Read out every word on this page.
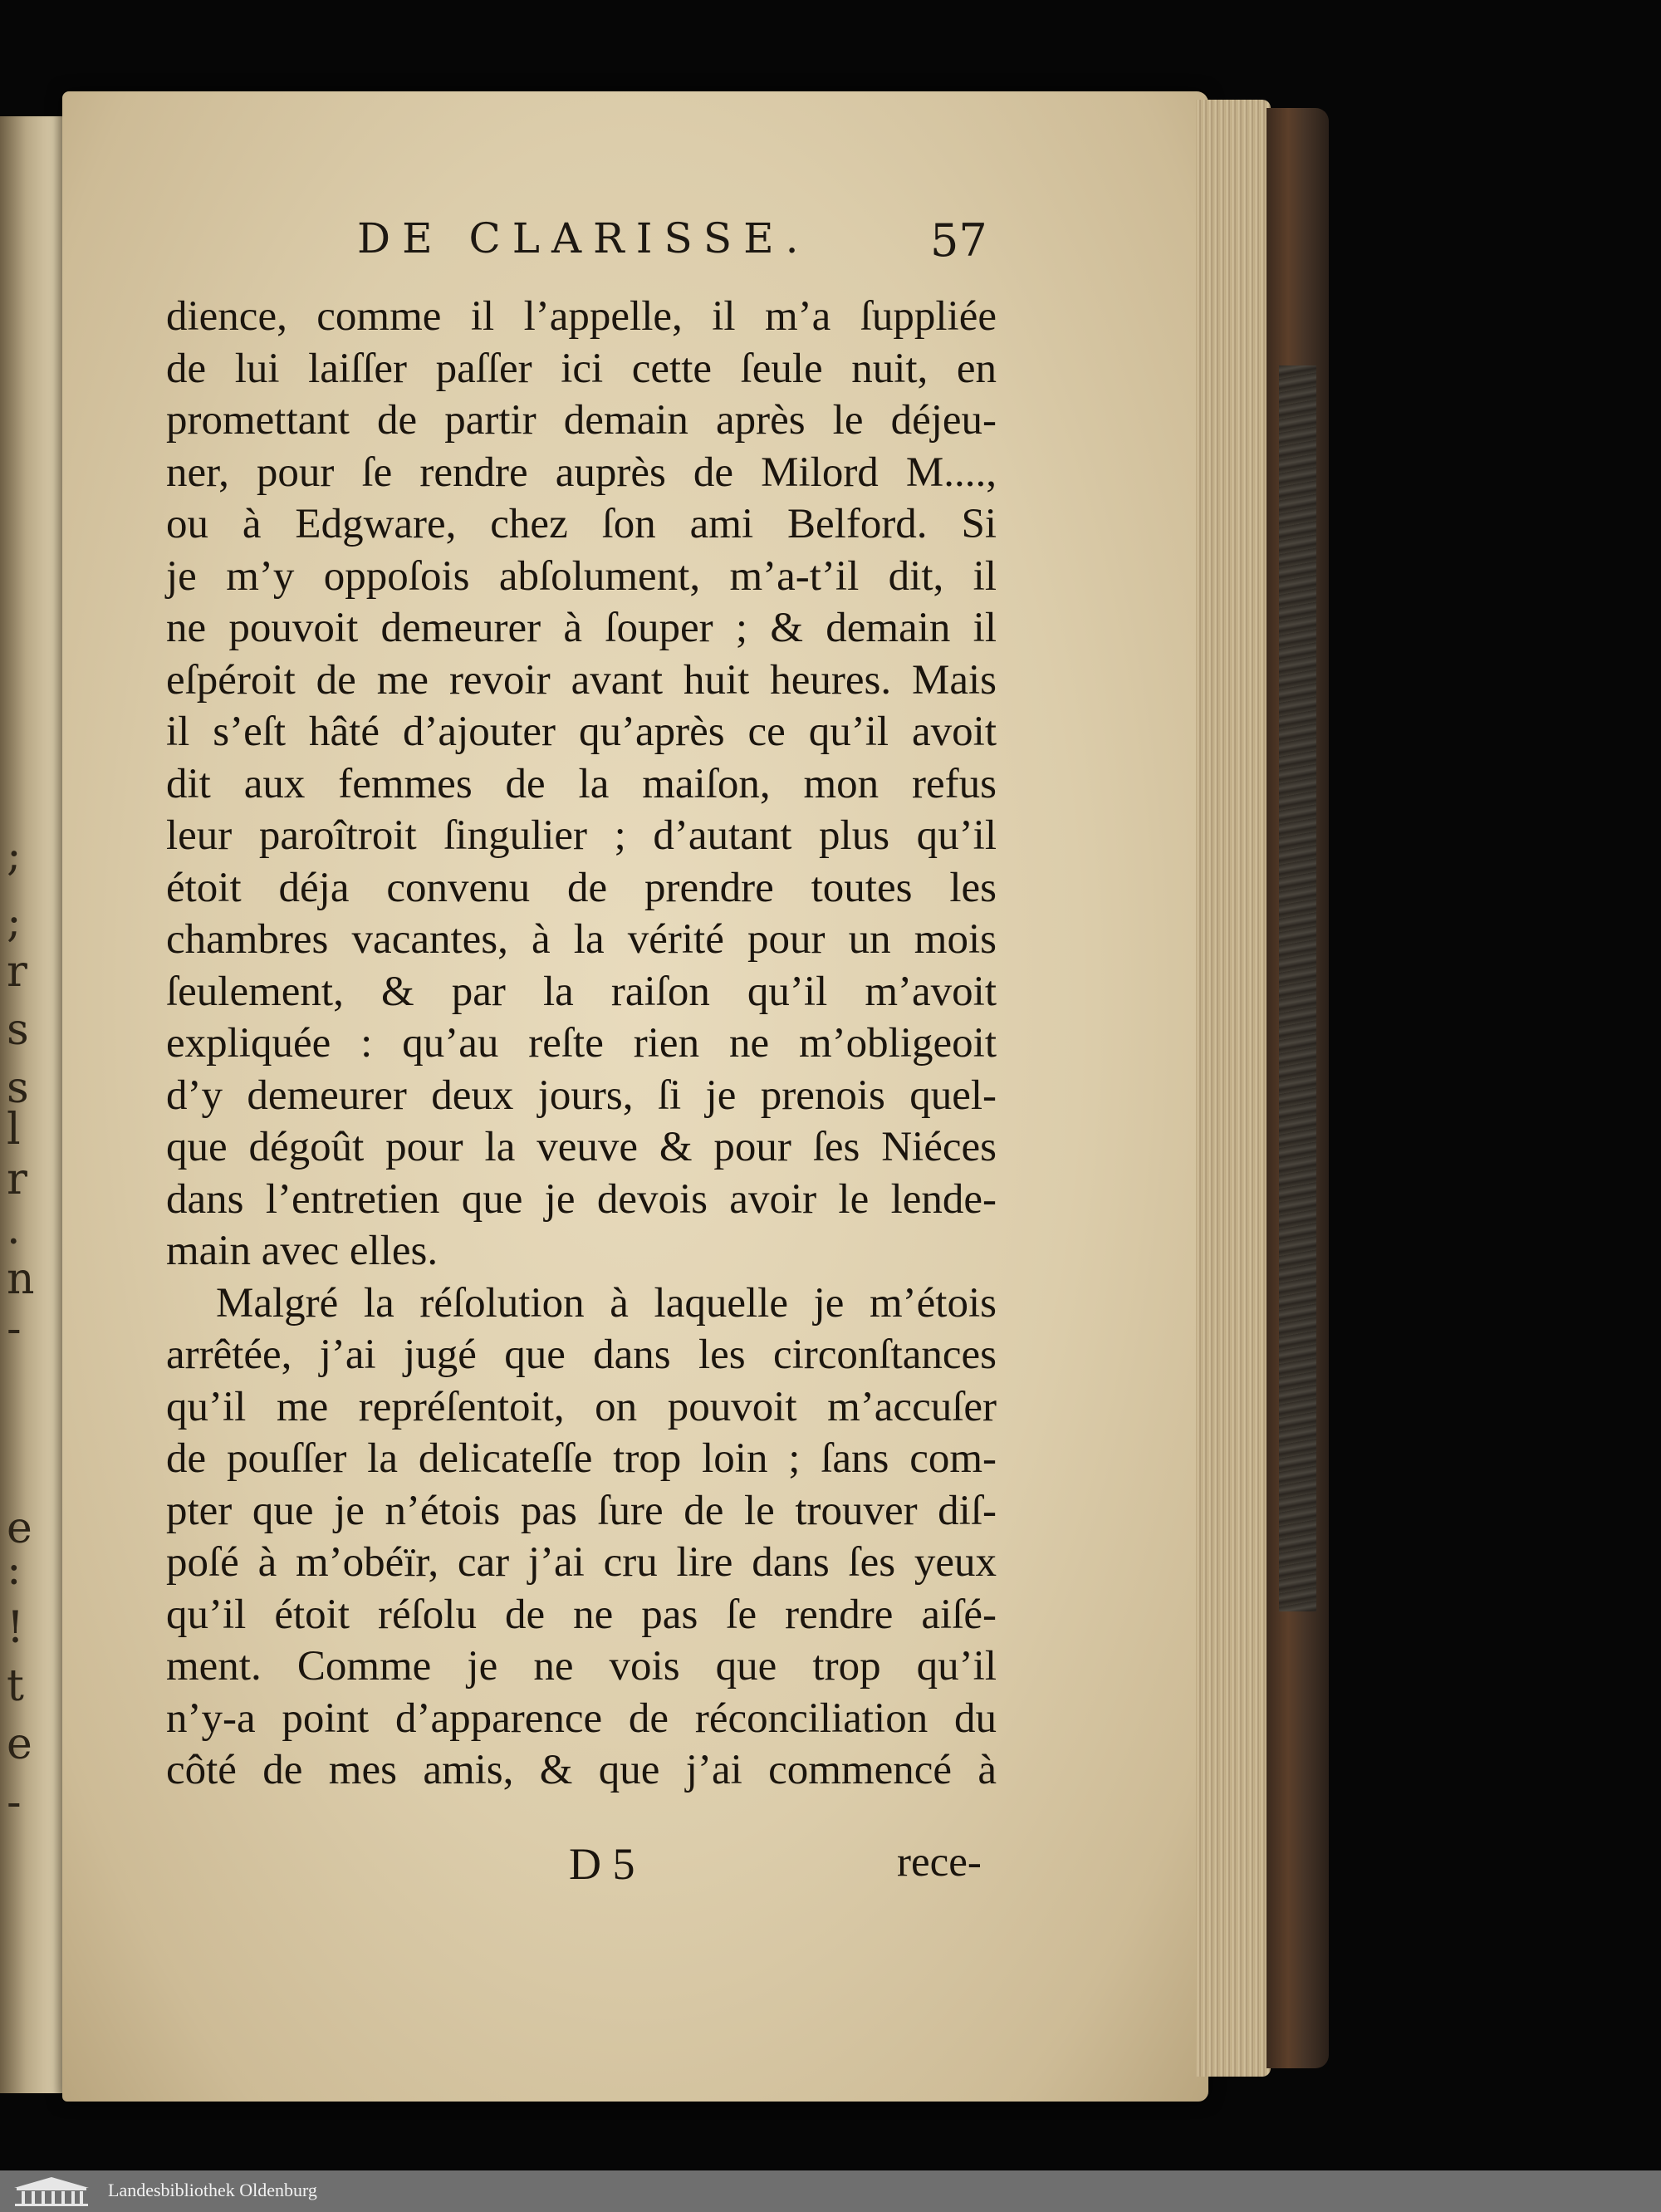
;
;
r
s
s
l
r
.
n
-
e
:
!
t
e
-
DE CLARISSE.	57
dience, comme il l’appelle, il m’a ſuppliée
de lui laiſſer paſſer ici cette ſeule nuit, en
promettant de partir demain après le déjeu-
ner, pour ſe rendre auprès de Milord M....,
ou à Edgware, chez ſon ami Belford. Si
je m’y oppoſois abſolument, m’a-t’il dit, il
ne pouvoit demeurer à ſouper ; & demain il
eſpéroit de me revoir avant huit heures. Mais
il s’eſt hâté d’ajouter qu’après ce qu’il avoit
dit aux femmes de la maiſon, mon refus
leur paroîtroit ſingulier ; d’autant plus qu’il
étoit déja convenu de prendre toutes les
chambres vacantes, à la vérité pour un mois
ſeulement, & par la raiſon qu’il m’avoit
expliquée : qu’au reſte rien ne m’obligeoit
d’y demeurer deux jours, ſi je prenois quel-
que dégoût pour la veuve & pour ſes Niéces
dans l’entretien que je devois avoir le lende-
main avec elles.
Malgré la réſolution à laquelle je m’étois
arrêtée, j’ai jugé que dans les circonſtances
qu’il me repréſentoit, on pouvoit m’accuſer
de pouſſer la delicateſſe trop loin ; ſans com-
pter que je n’étois pas ſure de le trouver diſ-
poſé à m’obéïr, car j’ai cru lire dans ſes yeux
qu’il étoit réſolu de ne pas ſe rendre aiſé-
ment. Comme je ne vois que trop qu’il
n’y-a point d’apparence de réconciliation du
côté de mes amis, & que j’ai commencé à
D 5	rece-
Landesbibliothek Oldenburg
